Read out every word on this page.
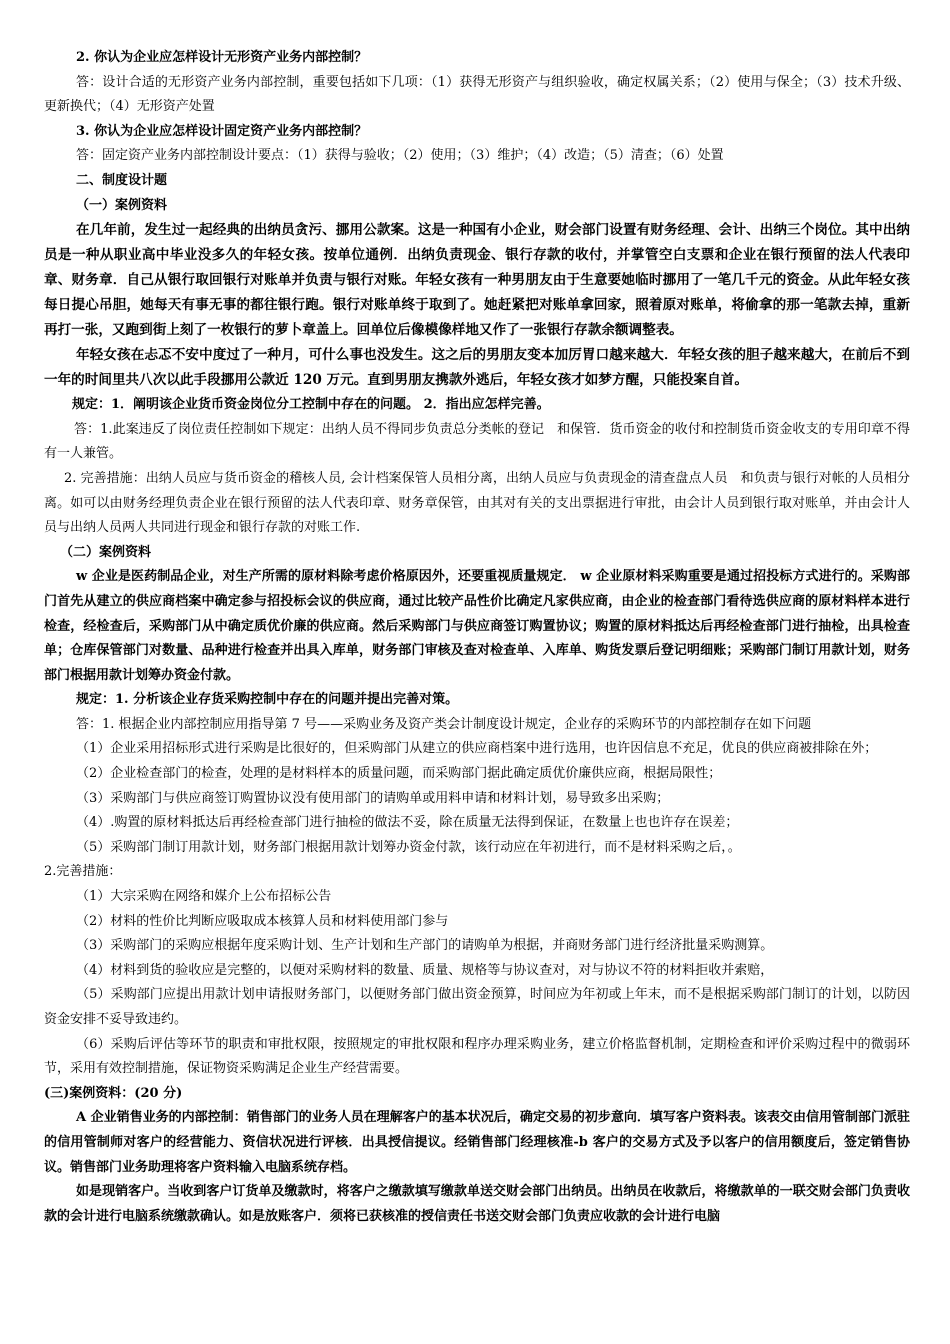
2. 你认为企业应怎样设计无形资产业务内部控制？

答：设计合适的无形资产业务内部控制，重要包括如下几项：（1）获得无形资产与组织验收，确定权属关系；（2）使用与保全；（3）技术升级、更新换代；（4）无形资产处置

3. 你认为企业应怎样设计固定资产业务内部控制？

答：固定资产业务内部控制设计要点：（1）获得与验收；（2）使用；（3）维护；（4）改造；（5）清查；（6）处置

二、制度设计题

（一）案例资料

在几年前，发生过一起经典的出纳员贪污、挪用公款案。这是一种国有小企业，财会部门设置有财务经理、会计、出纳三个岗位。其中出纳员是一种从职业高中毕业没多久的年轻女孩。按单位通例．出纳负责现金、银行存款的收付，并掌管空白支票和企业在银行预留的法人代表印章、财务章．自己从银行取回银行对账单并负责与银行对账。年轻女孩有一种男朋友由于生意要她临时挪用了一笔几千元的资金。从此年轻女孩每日提心吊胆，她每天有事无事的都往银行跑。银行对账单终于取到了。她赶紧把对账单拿回家，照着原对账单，将偷拿的那一笔款去掉，重新再打一张，又跑到街上刻了一枚银行的萝卜章盖上。回单位后像模像样地又作了一张银行存款余额调整表。

年轻女孩在忐忑不安中度过了一种月，可什么事也没发生。这之后的男朋友变本加厉胃口越来越大．年轻女孩的胆子越来越大，在前后不到一年的时间里共八次以此手段挪用公款近 120 万元。直到男朋友携款外逃后，年轻女孩才如梦方醒，只能投案自首。

规定：1．阐明该企业货币资金岗位分工控制中存在的问题。 2．指出应怎样完善。

答：1.此案违反了岗位责任控制如下规定：出纳人员不得同步负责总分类帐的登记　和保管．货币资金的收付和控制货币资金收支的专用印章不得有一人兼管。

2. 完善措施：出纳人员应与货币资金的稽核人员, 会计档案保管人员相分离，出纳人员应与负责现金的清查盘点人员　和负责与银行对帐的人员相分离。如可以由财务经理负责企业在银行预留的法人代表印章、财务章保管，由其对有关的支出票据进行审批，由会计人员到银行取对账单，并由会计人员与出纳人员两人共同进行现金和银行存款的对账工作.

（二）案例资料

w 企业是医药制品企业，对生产所需的原材料除考虑价格原因外，还要重视质量规定． w 企业原材料采购重要是通过招投标方式进行的。采购部门首先从建立的供应商档案中确定参与招投标会议的供应商，通过比较产品性价比确定凡家供应商，由企业的检查部门看待选供应商的原材料样本进行检查，经检查后，采购部门从中确定质优价廉的供应商。然后采购部门与供应商签订购置协议；购置的原材料抵达后再经检查部门进行抽检，出具检查单；仓库保管部门对数量、品种进行检查并出具入库单，财务部门审核及查对检查单、入库单、购货发票后登记明细账；采购部门制订用款计划，财务部门根据用款计划筹办资金付款。

规定：1. 分析该企业存货采购控制中存在的问题并提出完善对策。

答：1. 根据企业内部控制应用指导第 7 号——采购业务及资产类会计制度设计规定，企业存的采购环节的内部控制存在如下问题

（1）企业采用招标形式进行采购是比很好的，但采购部门从建立的供应商档案中进行选用，也许因信息不充足，优良的供应商被排除在外；

（2）企业检查部门的检查，处理的是材料样本的质量问题，而采购部门据此确定质优价廉供应商，根据局限性；

（3）采购部门与供应商签订购置协议没有使用部门的请购单或用料申请和材料计划，易导致多出采购；

（4）.购置的原材料抵达后再经检查部门进行抽检的做法不妥，除在质量无法得到保证，在数量上也也许存在误差；

（5）采购部门制订用款计划，财务部门根据用款计划筹办资金付款，该行动应在年初进行，而不是材料采购之后，。

2.完善措施：

（1）大宗采购在网络和媒介上公布招标公告

（2）材料的性价比判断应吸取成本核算人员和材料使用部门参与

（3）采购部门的采购应根据年度采购计划、生产计划和生产部门的请购单为根据，并商财务部门进行经济批量采购测算。

（4）材料到货的验收应是完整的，以便对采购材料的数量、质量、规格等与协议查对，对与协议不符的材料拒收并索赔，

（5）采购部门应提出用款计划申请报财务部门，以便财务部门做出资金预算，时间应为年初或上年末，而不是根据采购部门制订的计划，以防因资金安排不妥导致违约。

（6）采购后评估等环节的职责和审批权限，按照规定的审批权限和程序办理采购业务，建立价格监督机制，定期检查和评价采购过程中的微弱环节，采用有效控制措施，保证物资采购满足企业生产经营需要。

(三)案例资料：(20 分)

A 企业销售业务的内部控制：销售部门的业务人员在理解客户的基本状况后，确定交易的初步意向．填写客户资料表。该表交由信用管制部门派驻的信用管制师对客户的经营能力、资信状况进行评核．出具授信提议。经销售部门经理核准-b 客户的交易方式及予以客户的信用额度后，签定销售协议。销售部门业务助理将客户资料输入电脑系统存档。

如是现销客户。当收到客户订货单及缴款时，将客户之缴款填写缴款单送交财会部门出纳员。出纳员在收款后，将缴款单的一联交财会部门负责收款的会计进行电脑系统缴款确认。如是放账客户．须将已获核准的授信责任书送交财会部门负责应收款的会计进行电脑
